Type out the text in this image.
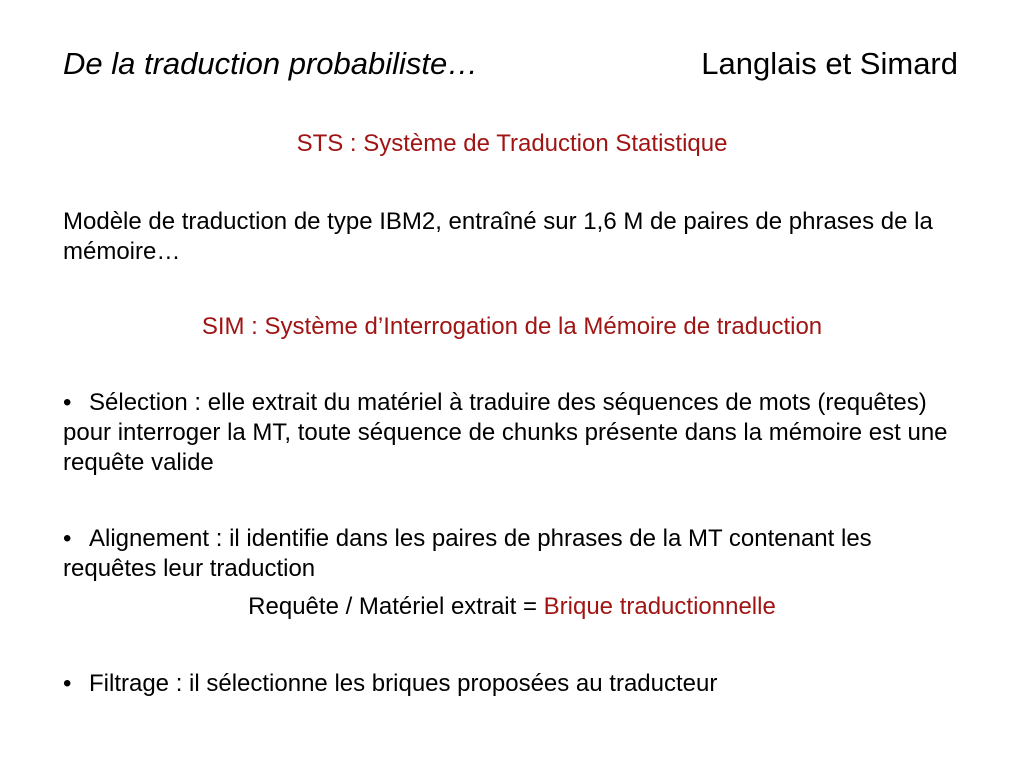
De la traduction probabiliste…	Langlais et Simard
STS : Système de Traduction Statistique
Modèle de traduction de type IBM2, entraîné sur 1,6 M de paires de phrases de la mémoire…
SIM : Système d’Interrogation de la Mémoire de traduction
• Sélection : elle extrait du matériel à traduire des séquences de mots (requêtes) pour interroger la MT, toute séquence de chunks présente dans la mémoire est une requête valide
• Alignement : il identifie dans les paires de phrases de la MT contenant les requêtes leur traduction
Requête / Matériel extrait = Brique traductionnelle
• Filtrage : il sélectionne les briques proposées au traducteur
